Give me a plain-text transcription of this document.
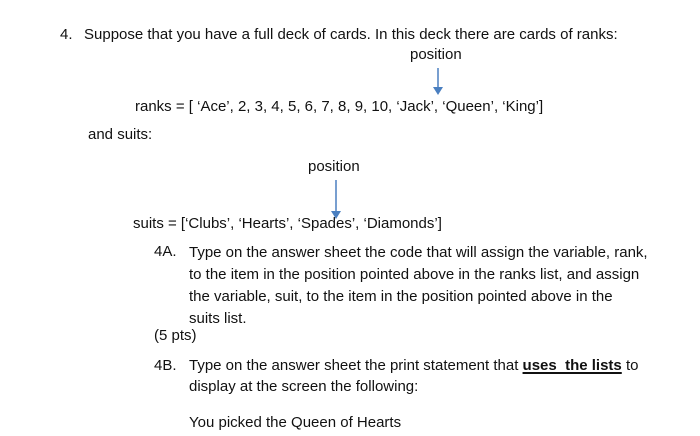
4. Suppose that you have a full deck of cards. In this deck there are cards of ranks:
position
ranks = [ ‘Ace’, 2, 3, 4, 5, 6, 7, 8, 9, 10, ‘Jack’, ‘Queen’, ‘King’]
and suits:
position
suits = [‘Clubs’, ‘Hearts’, ‘Spades’, ‘Diamonds’]
4A. Type on the answer sheet the code that will assign the variable, rank,
to the item in the position pointed above in the ranks list, and assign
the variable, suit, to the item in the position pointed above in the
suits list.
(5 pts)
4B. Type on the answer sheet the print statement that uses  the lists to
display at the screen the following:
You picked the Queen of Hearts
